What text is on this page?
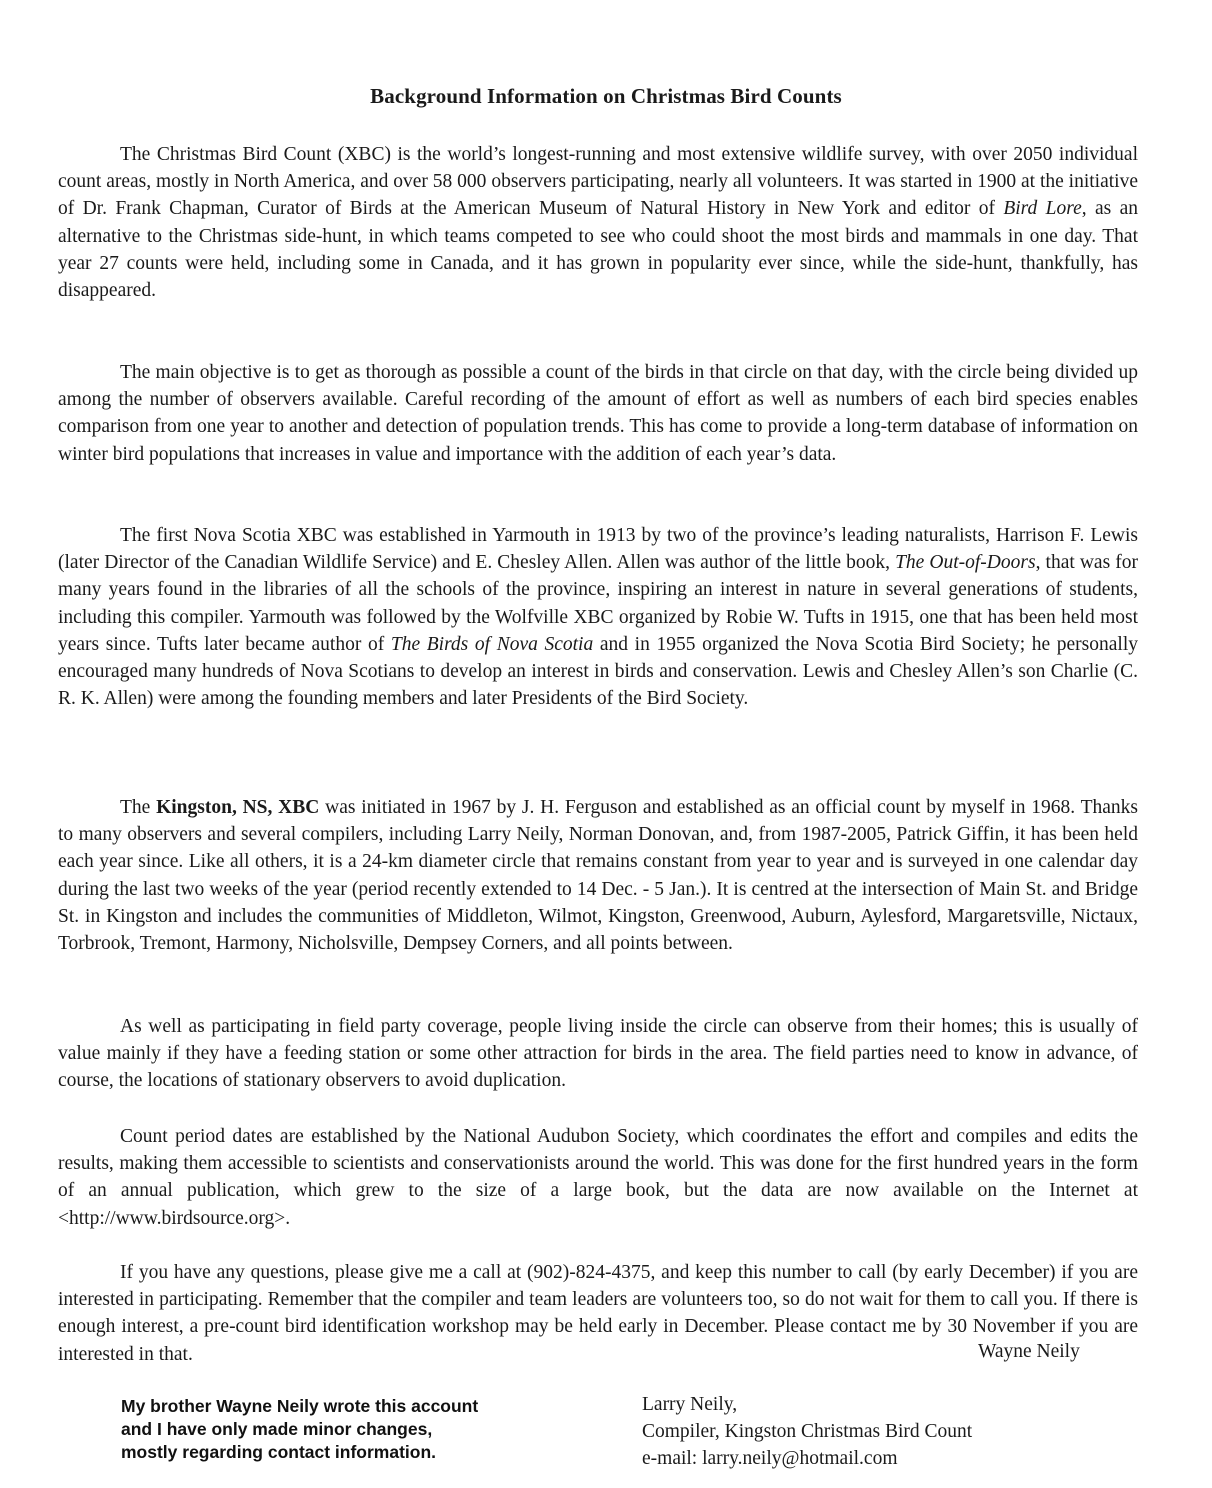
Background Information on Christmas Bird Counts

The Christmas Bird Count (XBC) is the world’s longest-running and most extensive wildlife survey, with over 2050 individual count areas, mostly in North America, and over 58 000 observers participating, nearly all volunteers. It was started in 1900 at the initiative of Dr. Frank Chapman, Curator of Birds at the American Museum of Natural History in New York and editor of Bird Lore, as an alternative to the Christmas side-hunt, in which teams competed to see who could shoot the most birds and mammals in one day. That year 27 counts were held, including some in Canada, and it has grown in popularity ever since, while the side-hunt, thankfully, has disappeared.

The main objective is to get as thorough as possible a count of the birds in that circle on that day, with the circle being divided up among the number of observers available. Careful recording of the amount of effort as well as numbers of each bird species enables comparison from one year to another and detection of population trends. This has come to provide a long-term database of information on winter bird populations that increases in value and importance with the addition of each year’s data.

The first Nova Scotia XBC was established in Yarmouth in 1913 by two of the province’s leading naturalists, Harrison F. Lewis (later Director of the Canadian Wildlife Service) and E. Chesley Allen. Allen was author of the little book, The Out-of-Doors, that was for many years found in the libraries of all the schools of the province, inspiring an interest in nature in several generations of students, including this compiler. Yarmouth was followed by the Wolfville XBC organized by Robie W. Tufts in 1915, one that has been held most years since. Tufts later became author of The Birds of Nova Scotia and in 1955 organized the Nova Scotia Bird Society; he personally encouraged many hundreds of Nova Scotians to develop an interest in birds and conservation. Lewis and Chesley Allen’s son Charlie (C. R. K. Allen) were among the founding members and later Presidents of the Bird Society.

The Kingston, NS, XBC was initiated in 1967 by J. H. Ferguson and established as an official count by myself in 1968. Thanks to many observers and several compilers, including Larry Neily, Norman Donovan, and, from 1987-2005, Patrick Giffin, it has been held each year since. Like all others, it is a 24-km diameter circle that remains constant from year to year and is surveyed in one calendar day during the last two weeks of the year (period recently extended to 14 Dec. - 5 Jan.). It is centred at the intersection of Main St. and Bridge St. in Kingston and includes the communities of Middleton, Wilmot, Kingston, Greenwood, Auburn, Aylesford, Margaretsville, Nictaux, Torbrook, Tremont, Harmony, Nicholsville, Dempsey Corners, and all points between.

As well as participating in field party coverage, people living inside the circle can observe from their homes; this is usually of value mainly if they have a feeding station or some other attraction for birds in the area. The field parties need to know in advance, of course, the locations of stationary observers to avoid duplication.

Count period dates are established by the National Audubon Society, which coordinates the effort and compiles and edits the results, making them accessible to scientists and conservationists around the world. This was done for the first hundred years in the form of an annual publication, which grew to the size of a large book, but the data are now available on the Internet at <http://www.birdsource.org>.

If you have any questions, please give me a call at (902)-824-4375, and keep this number to call (by early December) if you are interested in participating. Remember that the compiler and team leaders are volunteers too, so do not wait for them to call you. If there is enough interest, a pre-count bird identification workshop may be held early in December. Please contact me by 30 November if you are interested in that.	Wayne Neily
My brother Wayne Neily wrote this account
and I have only made minor changes,
mostly regarding contact information.
Larry Neily,
Compiler, Kingston Christmas Bird Count
e-mail: larry.neily@hotmail.com
